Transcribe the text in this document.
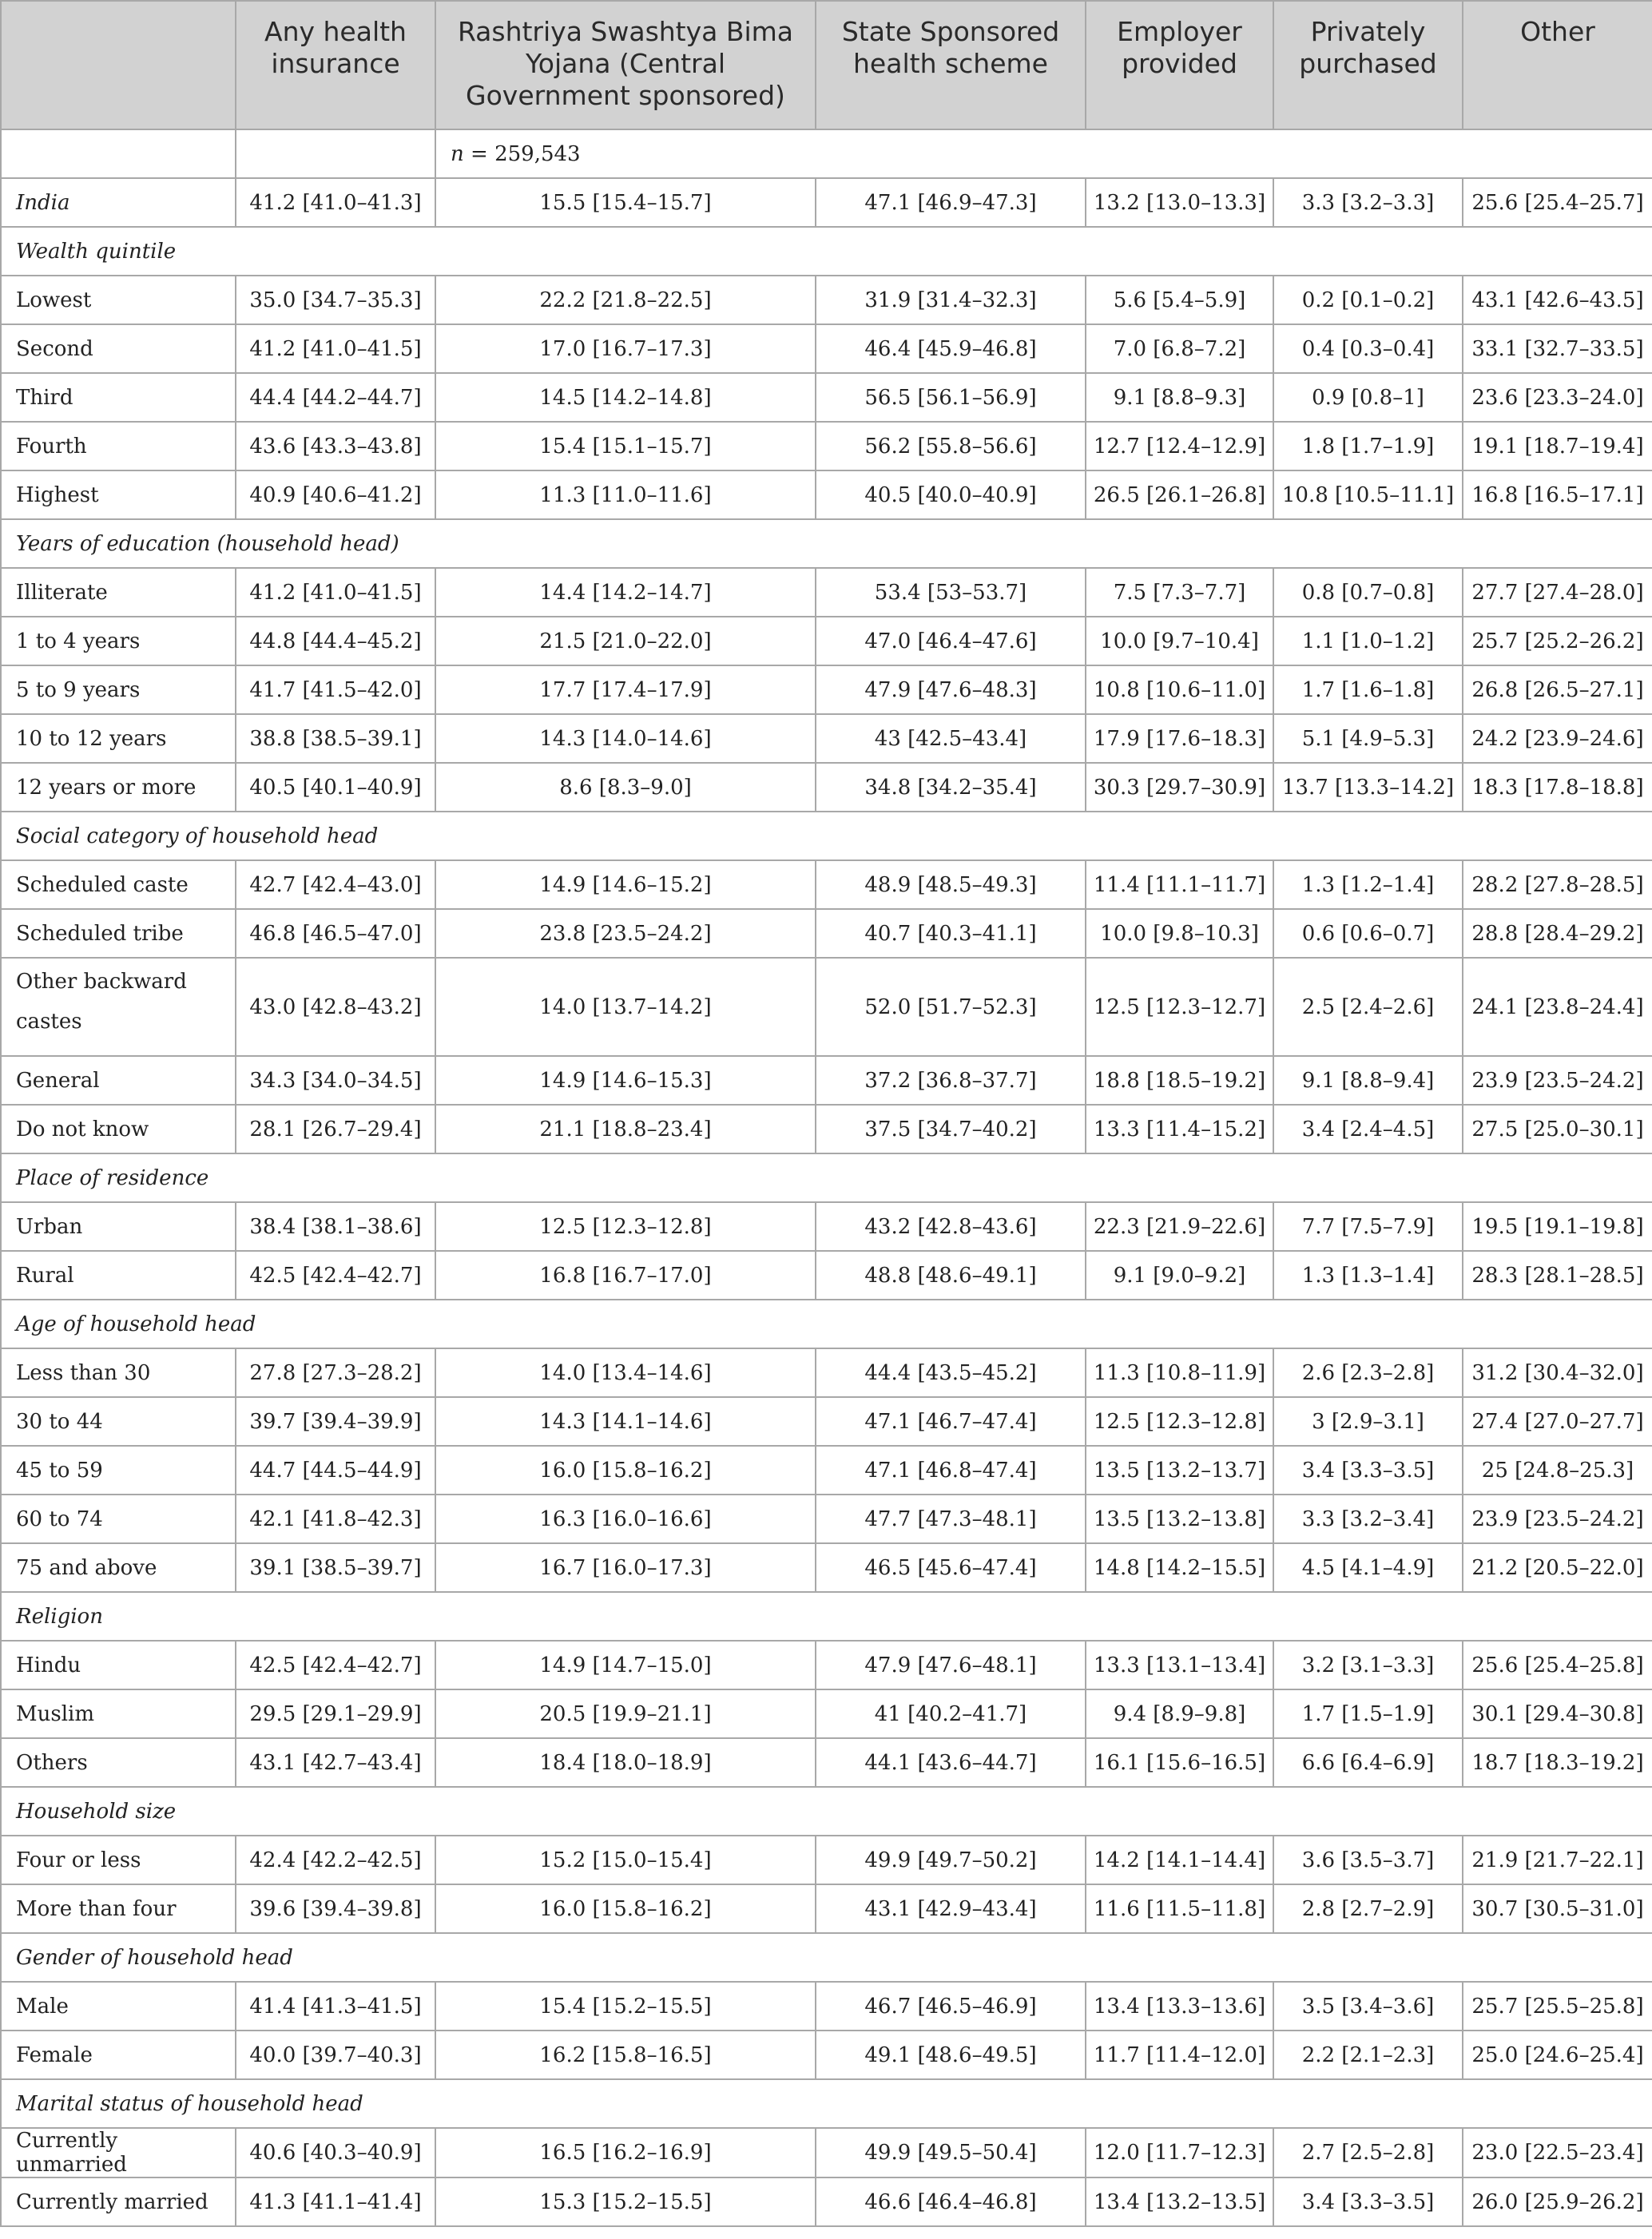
	Any health insurance	Rashtriya Swashtya Bima Yojana (Central Government sponsored)	State Sponsored health scheme	Employer provided	Privately purchased	Other
		n = 259,543				
India	41.2 [41.0–41.3]	15.5 [15.4–15.7]	47.1 [46.9–47.3]	13.2 [13.0–13.3]	3.3 [3.2–3.3]	25.6 [25.4–25.7]
Wealth quintile						
Lowest	35.0 [34.7–35.3]	22.2 [21.8–22.5]	31.9 [31.4–32.3]	5.6 [5.4–5.9]	0.2 [0.1–0.2]	43.1 [42.6–43.5]
Second	41.2 [41.0–41.5]	17.0 [16.7–17.3]	46.4 [45.9–46.8]	7.0 [6.8–7.2]	0.4 [0.3–0.4]	33.1 [32.7–33.5]
Third	44.4 [44.2–44.7]	14.5 [14.2–14.8]	56.5 [56.1–56.9]	9.1 [8.8–9.3]	0.9 [0.8–1]	23.6 [23.3–24.0]
Fourth	43.6 [43.3–43.8]	15.4 [15.1–15.7]	56.2 [55.8–56.6]	12.7 [12.4–12.9]	1.8 [1.7–1.9]	19.1 [18.7–19.4]
Highest	40.9 [40.6–41.2]	11.3 [11.0–11.6]	40.5 [40.0–40.9]	26.5 [26.1–26.8]	10.8 [10.5–11.1]	16.8 [16.5–17.1]
Years of education (household head)						
Illiterate	41.2 [41.0–41.5]	14.4 [14.2–14.7]	53.4 [53–53.7]	7.5 [7.3–7.7]	0.8 [0.7–0.8]	27.7 [27.4–28.0]
1 to 4 years	44.8 [44.4–45.2]	21.5 [21.0–22.0]	47.0 [46.4–47.6]	10.0 [9.7–10.4]	1.1 [1.0–1.2]	25.7 [25.2–26.2]
5 to 9 years	41.7 [41.5–42.0]	17.7 [17.4–17.9]	47.9 [47.6–48.3]	10.8 [10.6–11.0]	1.7 [1.6–1.8]	26.8 [26.5–27.1]
10 to 12 years	38.8 [38.5–39.1]	14.3 [14.0–14.6]	43 [42.5–43.4]	17.9 [17.6–18.3]	5.1 [4.9–5.3]	24.2 [23.9–24.6]
12 years or more	40.5 [40.1–40.9]	8.6 [8.3–9.0]	34.8 [34.2–35.4]	30.3 [29.7–30.9]	13.7 [13.3–14.2]	18.3 [17.8–18.8]
Social category of household head						
Scheduled caste	42.7 [42.4–43.0]	14.9 [14.6–15.2]	48.9 [48.5–49.3]	11.4 [11.1–11.7]	1.3 [1.2–1.4]	28.2 [27.8–28.5]
Scheduled tribe	46.8 [46.5–47.0]	23.8 [23.5–24.2]	40.7 [40.3–41.1]	10.0 [9.8–10.3]	0.6 [0.6–0.7]	28.8 [28.4–29.2]
Other backward castes	43.0 [42.8–43.2]	14.0 [13.7–14.2]	52.0 [51.7–52.3]	12.5 [12.3–12.7]	2.5 [2.4–2.6]	24.1 [23.8–24.4]
General	34.3 [34.0–34.5]	14.9 [14.6–15.3]	37.2 [36.8–37.7]	18.8 [18.5–19.2]	9.1 [8.8–9.4]	23.9 [23.5–24.2]
Do not know	28.1 [26.7–29.4]	21.1 [18.8–23.4]	37.5 [34.7–40.2]	13.3 [11.4–15.2]	3.4 [2.4–4.5]	27.5 [25.0–30.1]
Place of residence						
Urban	38.4 [38.1–38.6]	12.5 [12.3–12.8]	43.2 [42.8–43.6]	22.3 [21.9–22.6]	7.7 [7.5–7.9]	19.5 [19.1–19.8]
Rural	42.5 [42.4–42.7]	16.8 [16.7–17.0]	48.8 [48.6–49.1]	9.1 [9.0–9.2]	1.3 [1.3–1.4]	28.3 [28.1–28.5]
Age of household head						
Less than 30	27.8 [27.3–28.2]	14.0 [13.4–14.6]	44.4 [43.5–45.2]	11.3 [10.8–11.9]	2.6 [2.3–2.8]	31.2 [30.4–32.0]
30 to 44	39.7 [39.4–39.9]	14.3 [14.1–14.6]	47.1 [46.7–47.4]	12.5 [12.3–12.8]	3 [2.9–3.1]	27.4 [27.0–27.7]
45 to 59	44.7 [44.5–44.9]	16.0 [15.8–16.2]	47.1 [46.8–47.4]	13.5 [13.2–13.7]	3.4 [3.3–3.5]	25 [24.8–25.3]
60 to 74	42.1 [41.8–42.3]	16.3 [16.0–16.6]	47.7 [47.3–48.1]	13.5 [13.2–13.8]	3.3 [3.2–3.4]	23.9 [23.5–24.2]
75 and above	39.1 [38.5–39.7]	16.7 [16.0–17.3]	46.5 [45.6–47.4]	14.8 [14.2–15.5]	4.5 [4.1–4.9]	21.2 [20.5–22.0]
Religion						
Hindu	42.5 [42.4–42.7]	14.9 [14.7–15.0]	47.9 [47.6–48.1]	13.3 [13.1–13.4]	3.2 [3.1–3.3]	25.6 [25.4–25.8]
Muslim	29.5 [29.1–29.9]	20.5 [19.9–21.1]	41 [40.2–41.7]	9.4 [8.9–9.8]	1.7 [1.5–1.9]	30.1 [29.4–30.8]
Others	43.1 [42.7–43.4]	18.4 [18.0–18.9]	44.1 [43.6–44.7]	16.1 [15.6–16.5]	6.6 [6.4–6.9]	18.7 [18.3–19.2]
Household size						
Four or less	42.4 [42.2–42.5]	15.2 [15.0–15.4]	49.9 [49.7–50.2]	14.2 [14.1–14.4]	3.6 [3.5–3.7]	21.9 [21.7–22.1]
More than four	39.6 [39.4–39.8]	16.0 [15.8–16.2]	43.1 [42.9–43.4]	11.6 [11.5–11.8]	2.8 [2.7–2.9]	30.7 [30.5–31.0]
Gender of household head						
Male	41.4 [41.3–41.5]	15.4 [15.2–15.5]	46.7 [46.5–46.9]	13.4 [13.3–13.6]	3.5 [3.4–3.6]	25.7 [25.5–25.8]
Female	40.0 [39.7–40.3]	16.2 [15.8–16.5]	49.1 [48.6–49.5]	11.7 [11.4–12.0]	2.2 [2.1–2.3]	25.0 [24.6–25.4]
Marital status of household head						
Currently unmarried	40.6 [40.3–40.9]	16.5 [16.2–16.9]	49.9 [49.5–50.4]	12.0 [11.7–12.3]	2.7 [2.5–2.8]	23.0 [22.5–23.4]
Currently married	41.3 [41.1–41.4]	15.3 [15.2–15.5]	46.6 [46.4–46.8]	13.4 [13.2–13.5]	3.4 [3.3–3.5]	26.0 [25.9–26.2]
